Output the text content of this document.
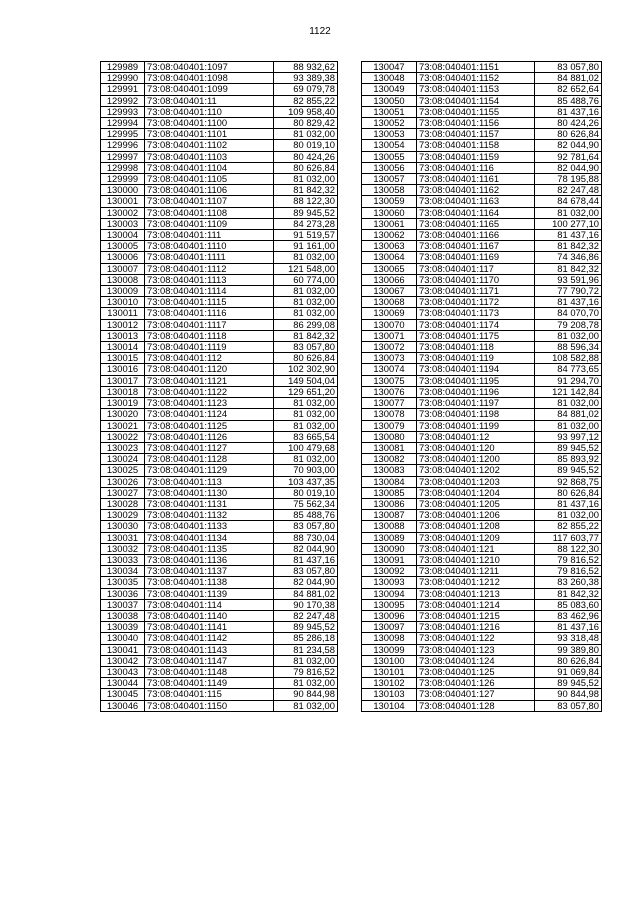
1122
129989	73:08:040401:1097	88 932,62
129990	73:08:040401:1098	93 389,38
129991	73:08:040401:1099	69 079,78
129992	73:08:040401:11	82 855,22
129993	73:08:040401:110	109 958,40
129994	73:08:040401:1100	80 829,42
129995	73:08:040401:1101	81 032,00
129996	73:08:040401:1102	80 019,10
129997	73:08:040401:1103	80 424,26
129998	73:08:040401:1104	80 626,84
129999	73:08:040401:1105	81 032,00
130000	73:08:040401:1106	81 842,32
130001	73:08:040401:1107	88 122,30
130002	73:08:040401:1108	89 945,52
130003	73:08:040401:1109	84 273,28
130004	73:08:040401:111	91 519,57
130005	73:08:040401:1110	91 161,00
130006	73:08:040401:1111	81 032,00
130007	73:08:040401:1112	121 548,00
130008	73:08:040401:1113	60 774,00
130009	73:08:040401:1114	81 032,00
130010	73:08:040401:1115	81 032,00
130011	73:08:040401:1116	81 032,00
130012	73:08:040401:1117	86 299,08
130013	73:08:040401:1118	81 842,32
130014	73:08:040401:1119	83 057,80
130015	73:08:040401:112	80 626,84
130016	73:08:040401:1120	102 302,90
130017	73:08:040401:1121	149 504,04
130018	73:08:040401:1122	129 651,20
130019	73:08:040401:1123	81 032,00
130020	73:08:040401:1124	81 032,00
130021	73:08:040401:1125	81 032,00
130022	73:08:040401:1126	83 665,54
130023	73:08:040401:1127	100 479,68
130024	73:08:040401:1128	81 032,00
130025	73:08:040401:1129	70 903,00
130026	73:08:040401:113	103 437,35
130027	73:08:040401:1130	80 019,10
130028	73:08:040401:1131	75 562,34
130029	73:08:040401:1132	85 488,76
130030	73:08:040401:1133	83 057,80
130031	73:08:040401:1134	88 730,04
130032	73:08:040401:1135	82 044,90
130033	73:08:040401:1136	81 437,16
130034	73:08:040401:1137	83 057,80
130035	73:08:040401:1138	82 044,90
130036	73:08:040401:1139	84 881,02
130037	73:08:040401:114	90 170,38
130038	73:08:040401:1140	82 247,48
130039	73:08:040401:1141	89 945,52
130040	73:08:040401:1142	85 286,18
130041	73:08:040401:1143	81 234,58
130042	73:08:040401:1147	81 032,00
130043	73:08:040401:1148	79 816,52
130044	73:08:040401:1149	81 032,00
130045	73:08:040401:115	90 844,98
130046	73:08:040401:1150	81 032,00
130047	73:08:040401:1151	83 057,80
130048	73:08:040401:1152	84 881,02
130049	73:08:040401:1153	82 652,64
130050	73:08:040401:1154	85 488,76
130051	73:08:040401:1155	81 437,16
130052	73:08:040401:1156	80 424,26
130053	73:08:040401:1157	80 626,84
130054	73:08:040401:1158	82 044,90
130055	73:08:040401:1159	92 781,64
130056	73:08:040401:116	82 044,90
130057	73:08:040401:1161	78 195,88
130058	73:08:040401:1162	82 247,48
130059	73:08:040401:1163	84 678,44
130060	73:08:040401:1164	81 032,00
130061	73:08:040401:1165	100 277,10
130062	73:08:040401:1166	81 437,16
130063	73:08:040401:1167	81 842,32
130064	73:08:040401:1169	74 346,86
130065	73:08:040401:117	81 842,32
130066	73:08:040401:1170	93 591,96
130067	73:08:040401:1171	77 790,72
130068	73:08:040401:1172	81 437,16
130069	73:08:040401:1173	84 070,70
130070	73:08:040401:1174	79 208,78
130071	73:08:040401:1175	81 032,00
130072	73:08:040401:118	88 596,34
130073	73:08:040401:119	108 582,88
130074	73:08:040401:1194	84 773,65
130075	73:08:040401:1195	91 294,70
130076	73:08:040401:1196	121 142,84
130077	73:08:040401:1197	81 032,00
130078	73:08:040401:1198	84 881,02
130079	73:08:040401:1199	81 032,00
130080	73:08:040401:12	93 997,12
130081	73:08:040401:120	89 945,52
130082	73:08:040401:1200	85 893,92
130083	73:08:040401:1202	89 945,52
130084	73:08:040401:1203	92 868,75
130085	73:08:040401:1204	80 626,84
130086	73:08:040401:1205	81 437,16
130087	73:08:040401:1206	81 032,00
130088	73:08:040401:1208	82 855,22
130089	73:08:040401:1209	117 603,77
130090	73:08:040401:121	88 122,30
130091	73:08:040401:1210	79 816,52
130092	73:08:040401:1211	79 816,52
130093	73:08:040401:1212	83 260,38
130094	73:08:040401:1213	81 842,32
130095	73:08:040401:1214	85 083,60
130096	73:08:040401:1215	83 462,96
130097	73:08:040401:1216	81 437,16
130098	73:08:040401:122	93 318,48
130099	73:08:040401:123	99 389,80
130100	73:08:040401:124	80 626,84
130101	73:08:040401:125	91 069,84
130102	73:08:040401:126	89 945,52
130103	73:08:040401:127	90 844,98
130104	73:08:040401:128	83 057,80
